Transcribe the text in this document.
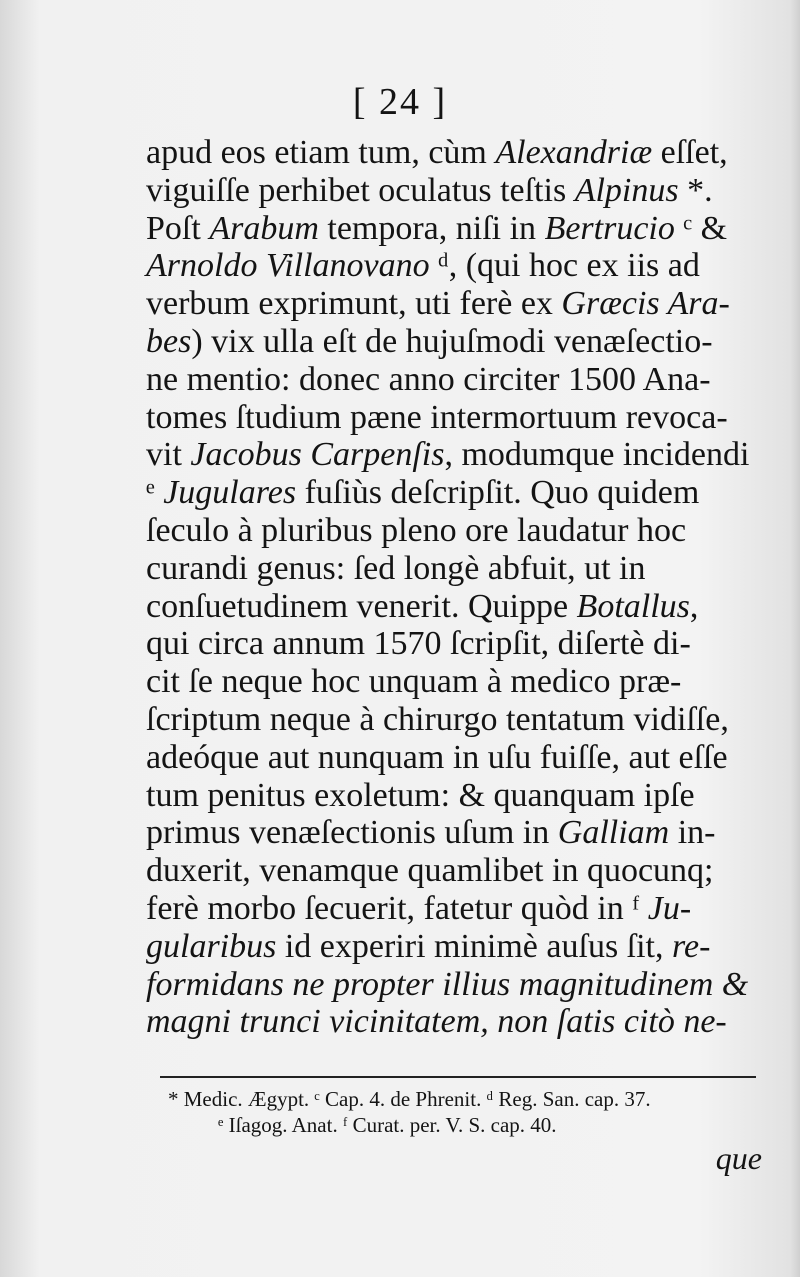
[ 24 ]
apud eos etiam tum, cùm Alexandriæ eſſet,
viguiſſe perhibet oculatus teſtis Alpinus *.
Poſt Arabum tempora, niſi in Bertrucio ᶜ &
Arnoldo Villanovano ᵈ, (qui hoc ex iis ad
verbum exprimunt, uti ferè ex Græcis Ara-
bes) vix ulla eſt de hujuſmodi venæſectio-
ne mentio: donec anno circiter 1500 Ana-
tomes ſtudium pæne intermortuum revoca-
vit Jacobus Carpenſis, modumque incidendi
ᵉ Jugulares fuſiùs deſcripſit. Quo quidem
ſeculo à pluribus pleno ore laudatur hoc
curandi genus: ſed longè abfuit, ut in
conſuetudinem venerit. Quippe Botallus,
qui circa annum 1570 ſcripſit, diſertè di-
cit ſe neque hoc unquam à medico præ-
ſcriptum neque à chirurgo tentatum vidiſſe,
adeóque aut nunquam in uſu fuiſſe, aut eſſe
tum penitus exoletum: & quanquam ipſe
primus venæſectionis uſum in Galliam in-
duxerit, venamque quamlibet in quocunq;
ferè morbo ſecuerit, fatetur quòd in ᶠ Ju-
gularibus id experiri minimè auſus ſit, re-
formidans ne propter illius magnitudinem &
magni trunci vicinitatem, non ſatis citò ne-
* Medic. Ægypt. ᶜ Cap. 4. de Phrenit. ᵈ Reg. San. cap. 37.
ᵉ Iſagog. Anat. ᶠ Curat. per. V. S. cap. 40.
que
